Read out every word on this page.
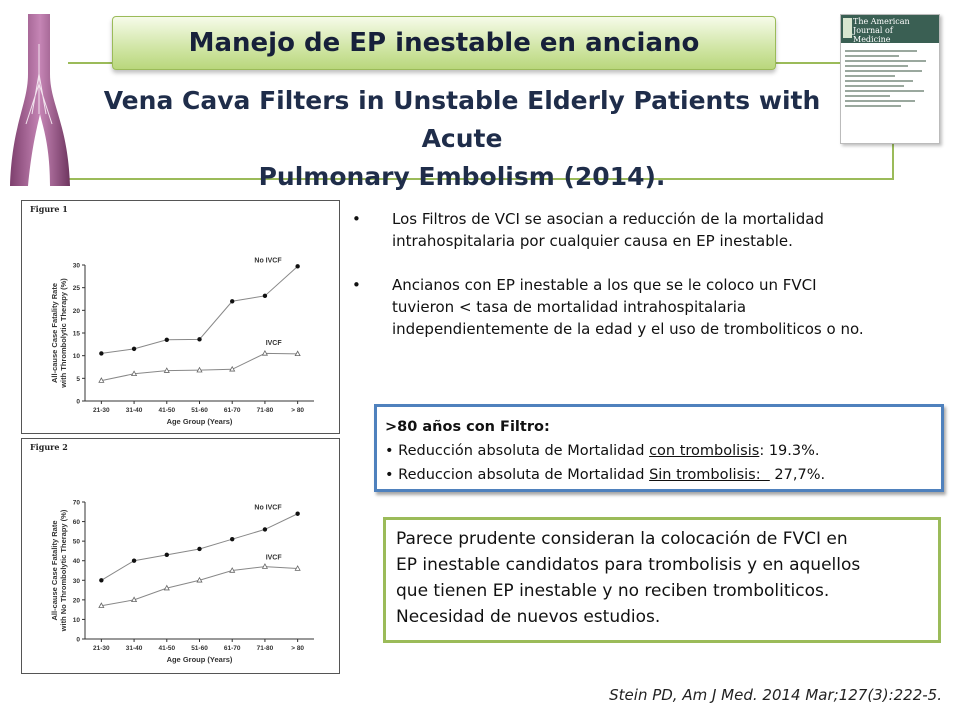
Manejo de EP inestable en anciano
Vena Cava Filters in Unstable Elderly Patients with Acute
Pulmonary Embolism (2014).
The American
Journal of
Medicine
Figure 1
0
5
10
15
20
25
30
21-30 31-40 41-50 51-60 61-70 71-80	> 80
Age Group (Years)
All-cause Case Fatality Rate with Thrombolytic Therapy (%)
No IVCF
IVCF
Figure 2
0
10
20
30
40
50
60
70
21-30 31-40 41-50 51-60 61-70 71-80	> 80
Age Group (Years)
All-cause Case Fatality Rate with No Thrombolytic Therapy (%)
No IVCF
IVCF
• Los Filtros de VCI se asocian a reducción de la mortalidad
intrahospitalaria por cualquier causa en EP inestable.
• Ancianos con EP inestable a los que se le coloco un FVCI
tuvieron < tasa de mortalidad intrahospitalaria
independientemente de la edad y el uso de tromboliticos o no.
>80 años con Filtro:
• Reducción absoluta de Mortalidad con trombolisis: 19.3%.
• Reduccion absoluta de Mortalidad Sin trombolisis:   27,7%.
Parece prudente consideran la colocación de FVCI en
EP inestable candidatos para trombolisis y en aquellos
que tienen EP inestable y no reciben tromboliticos.
Necesidad de nuevos estudios.
Stein PD, Am J Med. 2014 Mar;127(3):222-5.
